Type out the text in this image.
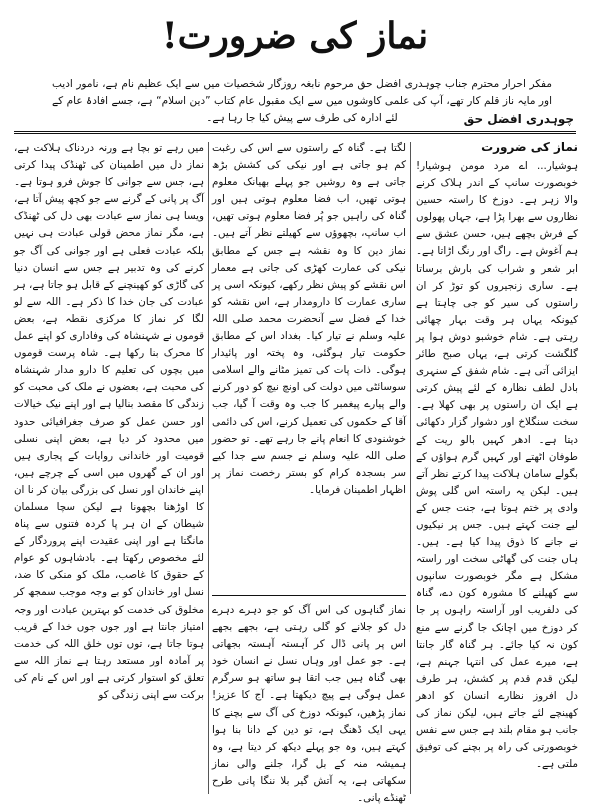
نماز کی ضرورت!

مفکر احرار محترم جناب چوہدری افضل حق مرحوم نابغہ روزگار شخصیات میں سے ایک عظیم نام ہے، نامور ادیب اور مایہ ناز قلم کار تھے، آپ کی علمی کاوشوں میں سے ایک مقبول عام کتاب ”دین اسلام“ ہے، جسے افادۂ عام کے لئے ادارہ کی طرف سے پیش کیا جا رہا ہے۔	چوہدری افضل حق
نماز کی ضرورت

ہوشیار... اے مرد مومن ہوشیار! خوبصورت سانپ کے اندر ہلاک کرنے والا زہر ہے۔ دوزخ کا راستہ حسین نظاروں سے بھرا پڑا ہے، جہاں پھولوں کے فرش بچھے ہیں، حسن عشق سے ہم آغوش ہے۔ راگ اور رنگ اڑاتا ہے۔ ابر شعر و شراب کی بارش برساتا ہے۔ ساری زنجیروں کو توڑ کر ان راستوں کی سیر کو جی چاہتا ہے کیونکہ یہاں ہر وقت بہار چھائی رہتی ہے۔ شام خوشبو دوش ہوا پر گلگشت کرتی ہے، یہاں صبح طائر ایزائی آتی ہے۔ شام شفق کے سنہری بادل لطف نظارہ کے لئے پیش کرتی ہے ایک ان راستوں پر بھی کھلا ہے۔ سخت سنگلاخ اور دشوار گزار دکھائی دیتا ہے۔ ادھر کہیں بالو ریت کے طوفان اٹھتے اور کہیں گرم ہواؤں کے بگولے سامان ہلاکت پیدا کرتے نظر آتے ہیں۔ لیکن یہ راستہ اس گلی پوش وادی پر ختم ہوتا ہے، جنت جس کے لیے جنت کہتے ہیں۔ جس پر نیکیوں نے جانے کا ذوق پیدا کیا ہے۔ ہیں۔ ہاں جنت کی گھاٹی سخت اور راستہ مشکل ہے مگر خوبصورت سانپوں سے کھیلنے کا مشورہ کون دے، گناہ کی دلفریب اور آراستہ راہوں پر جا کر دوزخ میں اچانک جا گرنے سے منع کون نہ کیا جائے۔ ہر گناہ گار جانتا ہے، میرے عمل کی انتہا جہنم ہے، لیکن قدم قدم پر کشش، ہر طرف دل افروز نظارے انسان کو ادھر کھینچے لئے جاتے ہیں، لیکن نماز کی جانب ہو مقام بلند ہے جس سے نفس خوبصورتی کی راہ پر بچنے کی توفیق ملتی ہے۔

لگتا ہے۔ گناہ کے راستوں سے اس کی رغبت کم ہو جاتی ہے اور نیکی کی کشش بڑھ جاتی ہے وہ روشیں جو پہلے بھیانک معلوم ہوتی تھیں، اب فضا معلوم ہوتی ہیں اور گناہ کی راہیں جو پُر فضا معلوم ہوتی تھیں، اب سانپ، بچھوؤں سے کھیلتے نظر آتے ہیں۔ نماز دین کا وہ نقشہ ہے جس کے مطابق نیکی کی عمارت کھڑی کی جاتی ہے معمار اس نقشے کو پیش نظر رکھے، کیونکہ اسی پر ساری عمارت کا دارومدار ہے، اس نقشہ کو خدا کے فضل سے آنحضرت محمد صلی اللہ علیہ وسلم نے تیار کیا۔ بغداد اس کے مطابق حکومت تیار ہوگئی، وہ پختہ اور پائیدار ہوگی۔ ذات پات کی تمیز مٹانے والے اسلامی سوسائٹی میں دولت کی اونچ نیچ کو دور کرنے والے پیارے پیغمبر کا جب وہ وقت آ گیا، جب آقا کے حکموں کی تعمیل کرنے، اس کی دائمی خوشنودی کا انعام پانے جا رہے تھے۔ تو حضور صلی اللہ علیہ وسلم نے جسم سے جدا کیے سر بسجدہ کرام کو بستر رخصت نماز پر اظہار اطمینان فرمایا۔

نماز گناہوں کی اس آگ کو جو دہرے دہرے دل کو جلانے کو گلی رہتی ہے، بجھے بجھے اس پر پانی ڈال کر آہستہ آہستہ بجھاتی ہے۔ جو عمل اور وہاں نسل نے انسان خود بھی گناہ ہیں جب اتقا ہو ساتھ ہو سرگرم عمل ہوگی ہے پیچ دیکھتا ہے۔ آج کا عزیز! نماز پڑھیں، کیونکہ دوزخ کی آگ سے بچنے کا یہی ایک ڈھنگ ہے، تو دین کے دانا بنا ہوا کہتے ہیں، وہ جو پہلے دیکھ کر دیتا ہے، وہ ہمیشہ منہ کے بل گرا، جلنے والی نماز سکھاتی ہے، یہ آتش گیر بلا ننگا پانی طرح ٹھنڈے پانی۔

میں رہے تو بچا ہے ورنہ دردناک ہلاکت ہے، نماز دل میں اطمینان کی ٹھنڈک پیدا کرتی ہے، جس سے جوانی کا جوش فرو ہوتا ہے۔ آگ پر پانی کے گرنے سے جو کچھ پیش آتا ہے، ویسا ہی نماز سے عبادت بھی دل کی ٹھنڈک ہے، مگر نماز محض قولی عبادت ہی نہیں بلکہ عبادت فعلی ہے اور جوانی کی آگ جو کرنے کی وہ تدبیر ہے جس سے انسان دنیا کی گاڑی کو کھینچنے کے قابل ہو جاتا ہے، ہر عبادت کی جان خدا کا ذکر ہے۔ اللہ سے لو لگا کر نماز کا مرکزی نقطہ ہے، بعض قوموں نے شہنشاہ کی وفاداری کو اپنے عمل کا محرک بنا رکھا ہے۔ شاہ پرست قوموں میں بچوں کی تعلیم کا دارو مدار شہنشاہ کی محبت ہے، بعضوں نے ملک کی محبت کو زندگی کا مقصد بنالیا ہے اور اپنے نیک خیالات اور حسن عمل کو صرف جغرافیائی حدود میں محدود کر دیا ہے، بعض اپنی نسلی قومیت اور خاندانی روایات کے پجاری ہیں اور ان کے گھروں میں اسی کے چرچے ہیں، اپنے خاندان اور نسل کی بزرگی بیان کر نا ان کا اوڑھنا بچھونا ہے لیکن سچا مسلمان شیطان کے ان ہر پا کردہ فتنوں سے پناہ مانگتا ہے اور اپنی عقیدت اپنے پروردگار کے لئے مخصوص رکھتا ہے۔ بادشاہوں کو عوام کے حقوق کا غاصب، ملک کو منکی کا ضد، نسل اور خاندان کو بے وجہ موجب سمجھ کر مخلوق کی خدمت کو بہترین عبادت اور وجہ امتیاز جانتا ہے اور جوں جوں خدا کے قریب ہوتا جاتا ہے، توں توں خلق اللہ کی خدمت پر آمادہ اور مستعد رہتا ہے نماز اللہ سے تعلق کو استوار کرتی ہے اور اس کے نام کی برکت سے اپنی زندگی کو
